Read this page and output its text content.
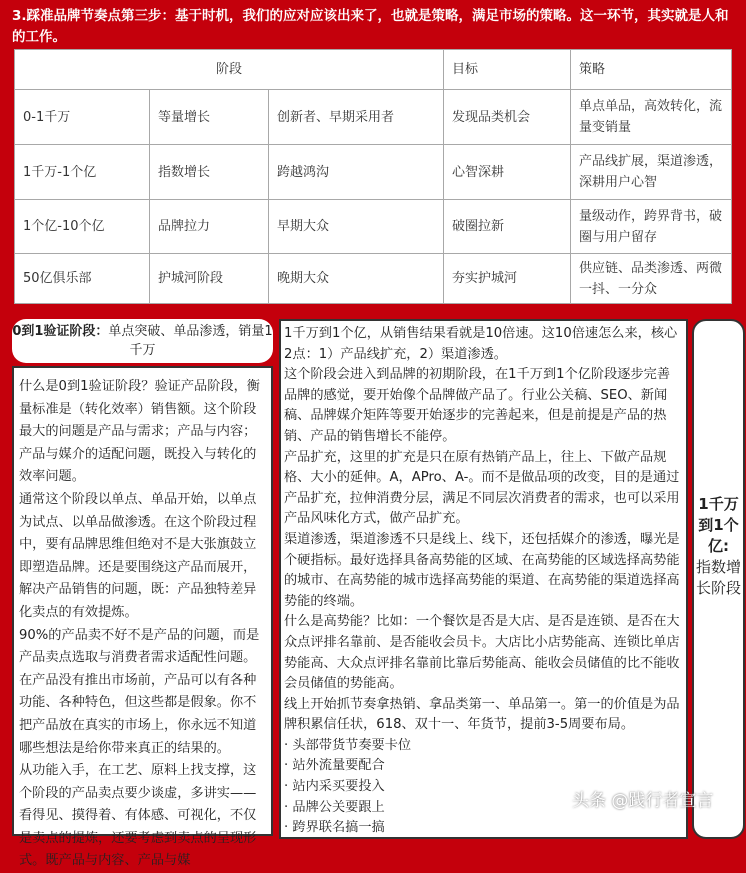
3.踩准品牌节奏点第三步：基于时机，我们的应对应该出来了，也就是策略，满足市场的策略。这一环节，其实就是人和的工作。
阶段			目标	策略
0-1千万	等量增长	创新者、早期采用者	发现品类机会	单点单品，高效转化，流量变销量
1千万-1个亿	指数增长	跨越鸿沟	心智深耕	产品线扩展，渠道渗透，深耕用户心智
1个亿-10个亿	品牌拉力	早期大众	破圈拉新	量级动作，跨界背书，破圈与用户留存
50亿俱乐部	护城河阶段	晚期大众	夯实护城河	供应链、品类渗透、两微一抖、一分众
0到1验证阶段：单点突破、单品渗透，销量1千万

什么是0到1验证阶段？验证产品阶段，衡量标准是（转化效率）销售额。这个阶段最大的问题是产品与需求；产品与内容；产品与媒介的适配问题，既投入与转化的效率问题。

通常这个阶段以单点、单品开始，以单点为试点、以单品做渗透。在这个阶段过程中，要有品牌思维但绝对不是大张旗鼓立即塑造品牌。还是要围绕这产品而展开，解决产品销售的问题，既：产品独特差异化卖点的有效提炼。

90%的产品卖不好不是产品的问题，而是产品卖点选取与消费者需求适配性问题。在产品没有推出市场前，产品可以有各种功能、各种特色，但这些都是假象。你不把产品放在真实的市场上，你永远不知道哪些想法是给你带来真正的结果的。

从功能入手，在工艺、原料上找支撑，这个阶段的产品卖点要少谈虚，多讲实——看得见、摸得着、有体感、可视化，不仅是卖点的提炼，还要考虑到卖点的呈现形式。既产品与内容、产品与媒

1千万到1个亿，从销售结果看就是10倍速。这10倍速怎么来，核心2点：1）产品线扩充，2）渠道渗透。

这个阶段会进入到品牌的初期阶段，在1千万到1个亿阶段逐步完善品牌的感觉，要开始像个品牌做产品了。行业公关稿、SEO、新闻稿、品牌媒介矩阵等要开始逐步的完善起来，但是前提是产品的热销、产品的销售增长不能停。

产品扩充，这里的扩充是只在原有热销产品上，往上、下做产品规格、大小的延伸。A，APro、A-。而不是做品项的改变，目的是通过产品扩充，拉伸消费分层，满足不同层次消费者的需求，也可以采用产品风味化方式，做产品扩充。

渠道渗透，渠道渗透不只是线上、线下，还包括媒介的渗透，曝光是个硬指标。最好选择具备高势能的区域、在高势能的区域选择高势能的城市、在高势能的城市选择高势能的渠道、在高势能的渠道选择高势能的终端。

什么是高势能？比如：一个餐饮是否是大店、是否是连锁、是否在大众点评排名靠前、是否能收会员卡。大店比小店势能高、连锁比单店势能高、大众点评排名靠前比靠后势能高、能收会员储值的比不能收会员储值的势能高。

线上开始抓节奏拿热销、拿品类第一、单品第一。第一的价值是为品牌积累信任状，618、双十一、年货节，提前3-5周要布局。

· 头部带货节奏要卡位

· 站外流量要配合

· 站内采买要投入

· 品牌公关要跟上

· 跨界联名搞一搞

1千万到1个亿:
指数增长阶段
头条 @践行者宣言
